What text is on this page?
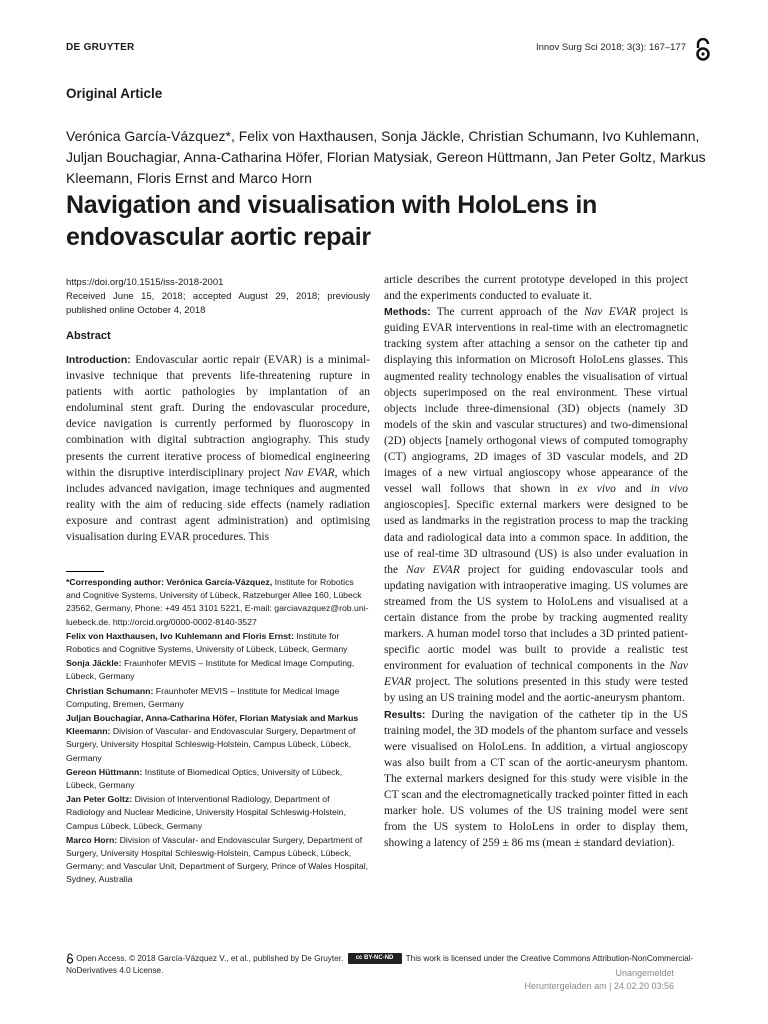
DE GRUYTER	Innov Surg Sci 2018; 3(3): 167–177
Original Article
Verónica García-Vázquez*, Felix von Haxthausen, Sonja Jäckle, Christian Schumann, Ivo Kuhlemann, Juljan Bouchagiar, Anna-Catharina Höfer, Florian Matysiak, Gereon Hüttmann, Jan Peter Goltz, Markus Kleemann, Floris Ernst and Marco Horn
Navigation and visualisation with HoloLens in endovascular aortic repair
https://doi.org/10.1515/iss-2018-2001
Received June 15, 2018; accepted August 29, 2018; previously published online October 4, 2018
Abstract
Introduction: Endovascular aortic repair (EVAR) is a minimal-invasive technique that prevents life-threatening rupture in patients with aortic pathologies by implantation of an endoluminal stent graft. During the endovascular procedure, device navigation is currently performed by fluoroscopy in combination with digital subtraction angiography. This study presents the current iterative process of biomedical engineering within the disruptive interdisciplinary project Nav EVAR, which includes advanced navigation, image techniques and augmented reality with the aim of reducing side effects (namely radiation exposure and contrast agent administration) and optimising visualisation during EVAR procedures. This
*Corresponding author: Verónica García-Vázquez, Institute for Robotics and Cognitive Systems, University of Lübeck, Ratzeburger Allee 160, Lübeck 23562, Germany, Phone: +49 451 3101 5221, E-mail: garciavazquez@rob.uni-luebeck.de. http://orcid.org/0000-0002-8140-3527
Felix von Haxthausen, Ivo Kuhlemann and Floris Ernst: Institute for Robotics and Cognitive Systems, University of Lübeck, Lübeck, Germany
Sonja Jäckle: Fraunhofer MEVIS – Institute for Medical Image Computing, Lübeck, Germany
Christian Schumann: Fraunhofer MEVIS – Institute for Medical Image Computing, Bremen, Germany
Juljan Bouchagiar, Anna-Catharina Höfer, Florian Matysiak and Markus Kleemann: Division of Vascular- and Endovascular Surgery, Department of Surgery, University Hospital Schleswig-Holstein, Campus Lübeck, Lübeck, Germany
Gereon Hüttmann: Institute of Biomedical Optics, University of Lübeck, Lübeck, Germany
Jan Peter Goltz: Division of Interventional Radiology, Department of Radiology and Nuclear Medicine, University Hospital Schleswig-Holstein, Campus Lübeck, Lübeck, Germany
Marco Horn: Division of Vascular- and Endovascular Surgery, Department of Surgery, University Hospital Schleswig-Holstein, Campus Lübeck, Lübeck, Germany; and Vascular Unit, Department of Surgery, Prince of Wales Hospital, Sydney, Australia
article describes the current prototype developed in this project and the experiments conducted to evaluate it.
Methods: The current approach of the Nav EVAR project is guiding EVAR interventions in real-time with an electromagnetic tracking system after attaching a sensor on the catheter tip and displaying this information on Microsoft HoloLens glasses. This augmented reality technology enables the visualisation of virtual objects superimposed on the real environment. These virtual objects include three-dimensional (3D) objects (namely 3D models of the skin and vascular structures) and two-dimensional (2D) objects [namely orthogonal views of computed tomography (CT) angiograms, 2D images of 3D vascular models, and 2D images of a new virtual angioscopy whose appearance of the vessel wall follows that shown in ex vivo and in vivo angioscopies]. Specific external markers were designed to be used as landmarks in the registration process to map the tracking data and radiological data into a common space. In addition, the use of real-time 3D ultrasound (US) is also under evaluation in the Nav EVAR project for guiding endovascular tools and updating navigation with intraoperative imaging. US volumes are streamed from the US system to HoloLens and visualised at a certain distance from the probe by tracking augmented reality markers. A human model torso that includes a 3D printed patient-specific aortic model was built to provide a realistic test environment for evaluation of technical components in the Nav EVAR project. The solutions presented in this study were tested by using an US training model and the aortic-aneurysm phantom.
Results: During the navigation of the catheter tip in the US training model, the 3D models of the phantom surface and vessels were visualised on HoloLens. In addition, a virtual angioscopy was also built from a CT scan of the aortic-aneurysm phantom. The external markers designed for this study were visible in the CT scan and the electromagnetically tracked pointer fitted in each marker hole. US volumes of the US training model were sent from the US system to HoloLens in order to display them, showing a latency of 259 ± 86 ms (mean ± standard deviation).
Open Access. © 2018 García-Vázquez V., et al., published by De Gruyter. cc BY-NC-ND This work is licensed under the Creative Commons Attribution-NonCommercial-NoDerivatives 4.0 License.	Unangemeldet
Heruntergeladen am | 24.02.20 03:56
